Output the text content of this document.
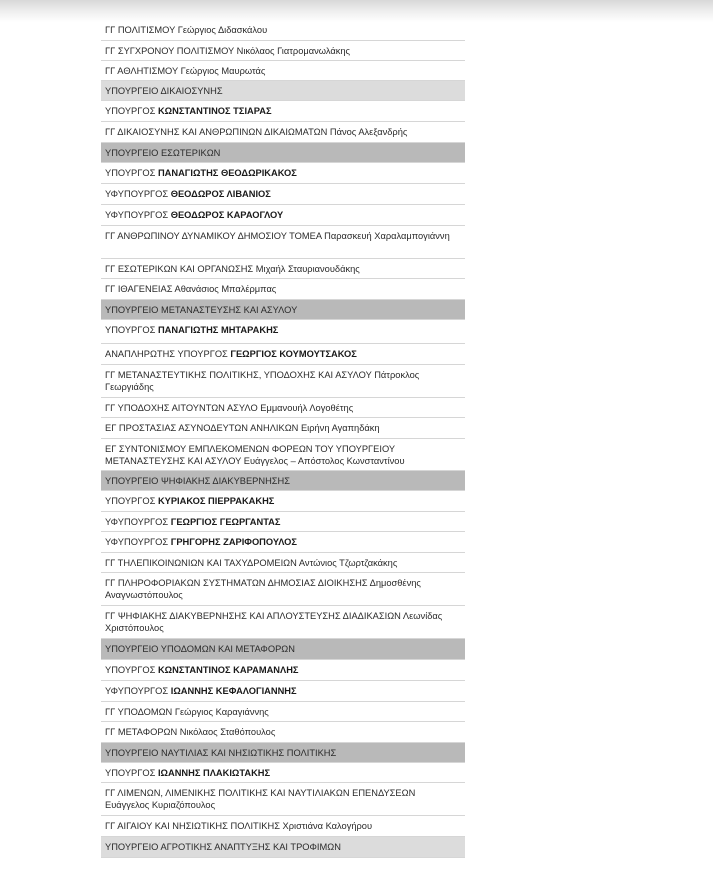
ΓΓ ΠΟΛΙΤΙΣΜΟΥ Γεώργιος Διδασκάλου
ΓΓ ΣΥΓΧΡΟΝΟΥ ΠΟΛΙΤΙΣΜΟΥ Νικόλαος Γιατρομανωλάκης
ΓΓ ΑΘΛΗΤΙΣΜΟΥ Γεώργιος Μαυρωτάς
ΥΠΟΥΡΓΕΙΟ ΔΙΚΑΙΟΣΥΝΗΣ
ΥΠΟΥΡΓΟΣ ΚΩΝΣΤΑΝΤΙΝΟΣ ΤΣΙΑΡΑΣ
ΓΓ ΔΙΚΑΙΟΣΥΝΗΣ ΚΑΙ ΑΝΘΡΩΠΙΝΩΝ ΔΙΚΑΙΩΜΑΤΩΝ Πάνος Αλεξανδρής
ΥΠΟΥΡΓΕΙΟ ΕΣΩΤΕΡΙΚΩΝ
ΥΠΟΥΡΓΟΣ ΠΑΝΑΓΙΩΤΗΣ ΘΕΟΔΩΡΙΚΑΚΟΣ
ΥΦΥΠΟΥΡΓΟΣ ΘΕΟΔΩΡΟΣ ΛΙΒΑΝΙΟΣ
ΥΦΥΠΟΥΡΓΟΣ ΘΕΟΔΩΡΟΣ ΚΑΡΑΟΓΛΟΥ
ΓΓ ΑΝΘΡΩΠΙΝΟΥ ΔΥΝΑΜΙΚΟΥ ΔΗΜΟΣΙΟΥ ΤΟΜΕΑ Παρασκευή Χαραλαμπογιάννη
ΓΓ ΕΣΩΤΕΡΙΚΩΝ ΚΑΙ ΟΡΓΑΝΩΣΗΣ Μιχαήλ Σταυριανουδάκης
ΓΓ ΙΘΑΓΕΝΕΙΑΣ Αθανάσιος Μπαλέρμπας
ΥΠΟΥΡΓΕΙΟ ΜΕΤΑΝΑΣΤΕΥΣΗΣ ΚΑΙ ΑΣΥΛΟΥ
ΥΠΟΥΡΓΟΣ ΠΑΝΑΓΙΩΤΗΣ ΜΗΤΑΡΑΚΗΣ
ΑΝΑΠΛΗΡΩΤΗΣ ΥΠΟΥΡΓΟΣ ΓΕΩΡΓΙΟΣ ΚΟΥΜΟΥΤΣΑΚΟΣ
ΓΓ ΜΕΤΑΝΑΣΤΕΥΤΙΚΗΣ ΠΟΛΙΤΙΚΗΣ, ΥΠΟΔΟΧΗΣ ΚΑΙ ΑΣΥΛΟΥ Πάτροκλος Γεωργιάδης
ΓΓ ΥΠΟΔΟΧΗΣ ΑΙΤΟΥΝΤΩΝ ΑΣΥΛΟ Εμμανουήλ Λογοθέτης
ΕΓ ΠΡΟΣΤΑΣΙΑΣ ΑΣΥΝΟΔΕΥΤΩΝ ΑΝΗΛΙΚΩΝ Ειρήνη Αγαπηδάκη
ΕΓ ΣΥΝΤΟΝΙΣΜΟΥ ΕΜΠΛΕΚΟΜΕΝΩΝ ΦΟΡΕΩΝ ΤΟΥ ΥΠΟΥΡΓΕΙΟΥ ΜΕΤΑΝΑΣΤΕΥΣΗΣ ΚΑΙ ΑΣΥΛΟΥ Ευάγγελος – Απόστολος Κωνσταντίνου
ΥΠΟΥΡΓΕΙΟ ΨΗΦΙΑΚΗΣ ΔΙΑΚΥΒΕΡΝΗΣΗΣ
ΥΠΟΥΡΓΟΣ ΚΥΡΙΑΚΟΣ ΠΙΕΡΡΑΚΑΚΗΣ
ΥΦΥΠΟΥΡΓΟΣ ΓΕΩΡΓΙΟΣ ΓΕΩΡΓΑΝΤΑΣ
ΥΦΥΠΟΥΡΓΟΣ ΓΡΗΓΟΡΗΣ ΖΑΡΙΦΟΠΟΥΛΟΣ
ΓΓ ΤΗΛΕΠΙΚΟΙΝΩΝΙΩΝ ΚΑΙ ΤΑΧΥΔΡΟΜΕΙΩΝ Αντώνιος Τζωρτζακάκης
ΓΓ ΠΛΗΡΟΦΟΡΙΑΚΩΝ ΣΥΣΤΗΜΑΤΩΝ ΔΗΜΟΣΙΑΣ ΔΙΟΙΚΗΣΗΣ Δημοσθένης Αναγνωστόπουλος
ΓΓ ΨΗΦΙΑΚΗΣ ΔΙΑΚΥΒΕΡΝΗΣΗΣ ΚΑΙ ΑΠΛΟΥΣΤΕΥΣΗΣ ΔΙΑΔΙΚΑΣΙΩΝ Λεωνίδας Χριστόπουλος
ΥΠΟΥΡΓΕΙΟ ΥΠΟΔΟΜΩΝ ΚΑΙ ΜΕΤΑΦΟΡΩΝ
ΥΠΟΥΡΓΟΣ ΚΩΝΣΤΑΝΤΙΝΟΣ ΚΑΡΑΜΑΝΛΗΣ
ΥΦΥΠΟΥΡΓΟΣ ΙΩΑΝΝΗΣ ΚΕΦΑΛΟΓΙΑΝΝΗΣ
ΓΓ ΥΠΟΔΟΜΩΝ Γεώργιος Καραγιάννης
ΓΓ ΜΕΤΑΦΟΡΩΝ Νικόλαος Σταθόπουλος
ΥΠΟΥΡΓΕΙΟ ΝΑΥΤΙΛΙΑΣ ΚΑΙ ΝΗΣΙΩΤΙΚΗΣ ΠΟΛΙΤΙΚΗΣ
ΥΠΟΥΡΓΟΣ ΙΩΑΝΝΗΣ ΠΛΑΚΙΩΤΑΚΗΣ
ΓΓ ΛΙΜΕΝΩΝ, ΛΙΜΕΝΙΚΗΣ ΠΟΛΙΤΙΚΗΣ ΚΑΙ ΝΑΥΤΙΛΙΑΚΩΝ ΕΠΕΝΔΥΣΕΩΝ Ευάγγελος Κυριαζόπουλος
ΓΓ ΑΙΓΑΙΟΥ ΚΑΙ ΝΗΣΙΩΤΙΚΗΣ ΠΟΛΙΤΙΚΗΣ Χριστιάνα Καλογήρου
ΥΠΟΥΡΓΕΙΟ ΑΓΡΟΤΙΚΗΣ ΑΝΑΠΤΥΞΗΣ ΚΑΙ ΤΡΟΦΙΜΩΝ
